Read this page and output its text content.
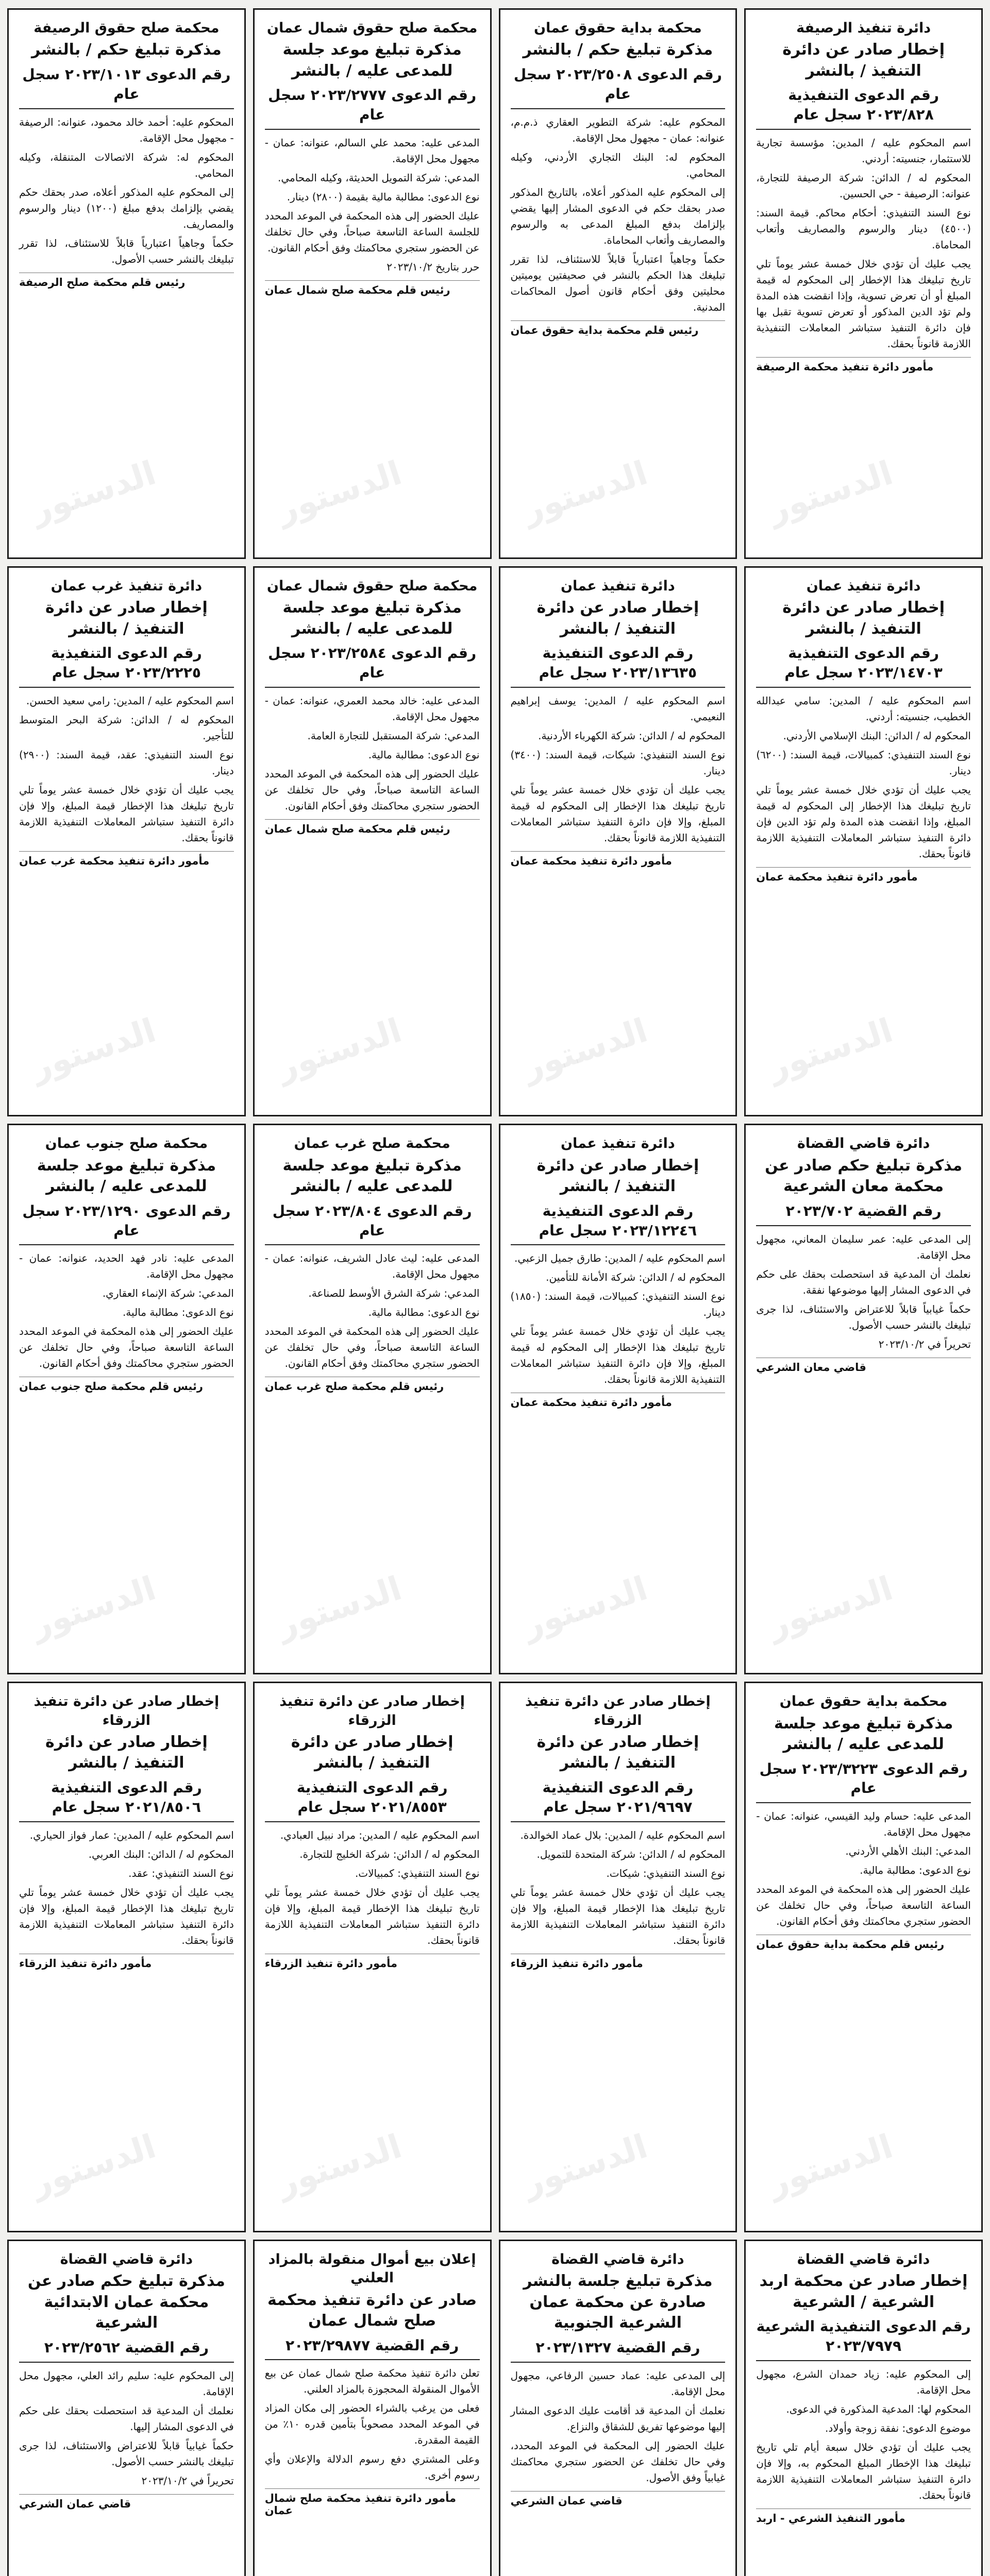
الدستور
دائرة تنفيذ الرصيفة
إخطار صادر عن دائرة التنفيذ / بالنشر
رقم الدعوى التنفيذية ٢٠٢٣/٨٢٨ سجل عام

اسم المحكوم عليه / المدين: مؤسسة تجارية للاستثمار، جنسيته: أردني.

المحكوم له / الدائن: شركة الرصيفة للتجارة، عنوانه: الرصيفة - حي الحسين.

نوع السند التنفيذي: أحكام محاكم. قيمة السند: (٤٥٠٠) دينار والرسوم والمصاريف وأتعاب المحاماة.

يجب عليك أن تؤدي خلال خمسة عشر يوماً تلي تاريخ تبليغك هذا الإخطار إلى المحكوم له قيمة المبلغ أو أن تعرض تسوية، وإذا انقضت هذه المدة ولم تؤد الدين المذكور أو تعرض تسوية تقبل بها فإن دائرة التنفيذ ستباشر المعاملات التنفيذية اللازمة قانوناً بحقك.

مأمور دائرة تنفيذ محكمة الرصيفة
الدستور
محكمة بداية حقوق عمان
مذكرة تبليغ حكم / بالنشر
رقم الدعوى ٢٠٢٣/٢٥٠٨ سجل عام

المحكوم عليه: شركة التطوير العقاري ذ.م.م، عنوانه: عمان - مجهول محل الإقامة.

المحكوم له: البنك التجاري الأردني، وكيله المحامي.

إلى المحكوم عليه المذكور أعلاه، بالتاريخ المذكور صدر بحقك حكم في الدعوى المشار إليها يقضي بإلزامك بدفع المبلغ المدعى به والرسوم والمصاريف وأتعاب المحاماة.

حكماً وجاهياً اعتبارياً قابلاً للاستئناف، لذا تقرر تبليغك هذا الحكم بالنشر في صحيفتين يوميتين محليتين وفق أحكام قانون أصول المحاكمات المدنية.

رئيس قلم محكمة بداية حقوق عمان
الدستور
محكمة صلح حقوق شمال عمان
مذكرة تبليغ موعد جلسة للمدعى عليه / بالنشر
رقم الدعوى ٢٠٢٣/٢٧٧٧ سجل عام

المدعى عليه: محمد علي السالم، عنوانه: عمان - مجهول محل الإقامة.

المدعي: شركة التمويل الحديثة، وكيله المحامي.

نوع الدعوى: مطالبة مالية بقيمة (٢٨٠٠) دينار.

عليك الحضور إلى هذه المحكمة في الموعد المحدد للجلسة الساعة التاسعة صباحاً، وفي حال تخلفك عن الحضور ستجري محاكمتك وفق أحكام القانون.

حرر بتاريخ ٢٠٢٣/١٠/٢

رئيس قلم محكمة صلح شمال عمان
الدستور
محكمة صلح حقوق الرصيفة
مذكرة تبليغ حكم / بالنشر
رقم الدعوى ٢٠٢٣/١٠١٣ سجل عام

المحكوم عليه: أحمد خالد محمود، عنوانه: الرصيفة - مجهول محل الإقامة.

المحكوم له: شركة الاتصالات المتنقلة، وكيله المحامي.

إلى المحكوم عليه المذكور أعلاه، صدر بحقك حكم يقضي بإلزامك بدفع مبلغ (١٢٠٠) دينار والرسوم والمصاريف.

حكماً وجاهياً اعتبارياً قابلاً للاستئناف، لذا تقرر تبليغك بالنشر حسب الأصول.

رئيس قلم محكمة صلح الرصيفة
الدستور
دائرة تنفيذ عمان
إخطار صادر عن دائرة التنفيذ / بالنشر
رقم الدعوى التنفيذية ٢٠٢٣/١٤٧٠٣ سجل عام

اسم المحكوم عليه / المدين: سامي عبدالله الخطيب، جنسيته: أردني.

المحكوم له / الدائن: البنك الإسلامي الأردني.

نوع السند التنفيذي: كمبيالات، قيمة السند: (٦٢٠٠) دينار.

يجب عليك أن تؤدي خلال خمسة عشر يوماً تلي تاريخ تبليغك هذا الإخطار إلى المحكوم له قيمة المبلغ، وإذا انقضت هذه المدة ولم تؤد الدين فإن دائرة التنفيذ ستباشر المعاملات التنفيذية اللازمة قانوناً بحقك.

مأمور دائرة تنفيذ محكمة عمان
الدستور
دائرة تنفيذ عمان
إخطار صادر عن دائرة التنفيذ / بالنشر
رقم الدعوى التنفيذية ٢٠٢٣/١٣٦٣٥ سجل عام

اسم المحكوم عليه / المدين: يوسف إبراهيم النعيمي.

المحكوم له / الدائن: شركة الكهرباء الأردنية.

نوع السند التنفيذي: شيكات، قيمة السند: (٣٤٠٠) دينار.

يجب عليك أن تؤدي خلال خمسة عشر يوماً تلي تاريخ تبليغك هذا الإخطار إلى المحكوم له قيمة المبلغ، وإلا فإن دائرة التنفيذ ستباشر المعاملات التنفيذية اللازمة قانوناً بحقك.

مأمور دائرة تنفيذ محكمة عمان
الدستور
محكمة صلح حقوق شمال عمان
مذكرة تبليغ موعد جلسة للمدعى عليه / بالنشر
رقم الدعوى ٢٠٢٣/٢٥٨٤ سجل عام

المدعى عليه: خالد محمد العمري، عنوانه: عمان - مجهول محل الإقامة.

المدعي: شركة المستقبل للتجارة العامة.

نوع الدعوى: مطالبة مالية.

عليك الحضور إلى هذه المحكمة في الموعد المحدد الساعة التاسعة صباحاً، وفي حال تخلفك عن الحضور ستجري محاكمتك وفق أحكام القانون.

رئيس قلم محكمة صلح شمال عمان
الدستور
دائرة تنفيذ غرب عمان
إخطار صادر عن دائرة التنفيذ / بالنشر
رقم الدعوى التنفيذية ٢٠٢٣/٢٢٢٥ سجل عام

اسم المحكوم عليه / المدين: رامي سعيد الحسن.

المحكوم له / الدائن: شركة البحر المتوسط للتأجير.

نوع السند التنفيذي: عقد، قيمة السند: (٢٩٠٠) دينار.

يجب عليك أن تؤدي خلال خمسة عشر يوماً تلي تاريخ تبليغك هذا الإخطار قيمة المبلغ، وإلا فإن دائرة التنفيذ ستباشر المعاملات التنفيذية اللازمة قانوناً بحقك.

مأمور دائرة تنفيذ محكمة غرب عمان
الدستور
دائرة قاضي القضاة
مذكرة تبليغ حكم صادر عن محكمة معان الشرعية
رقم القضية ٢٠٢٣/٧٠٢

إلى المدعى عليه: عمر سليمان المعاني، مجهول محل الإقامة.

نعلمك أن المدعية قد استحصلت بحقك على حكم في الدعوى المشار إليها موضوعها نفقة.

حكماً غيابياً قابلاً للاعتراض والاستئناف، لذا جرى تبليغك بالنشر حسب الأصول.

تحريراً في ٢٠٢٣/١٠/٢

قاضي معان الشرعي
الدستور
دائرة تنفيذ عمان
إخطار صادر عن دائرة التنفيذ / بالنشر
رقم الدعوى التنفيذية ٢٠٢٣/١٢٢٤٦ سجل عام

اسم المحكوم عليه / المدين: طارق جميل الزعبي.

المحكوم له / الدائن: شركة الأمانة للتأمين.

نوع السند التنفيذي: كمبيالات، قيمة السند: (١٨٥٠) دينار.

يجب عليك أن تؤدي خلال خمسة عشر يوماً تلي تاريخ تبليغك هذا الإخطار إلى المحكوم له قيمة المبلغ، وإلا فإن دائرة التنفيذ ستباشر المعاملات التنفيذية اللازمة قانوناً بحقك.

مأمور دائرة تنفيذ محكمة عمان
الدستور
محكمة صلح غرب عمان
مذكرة تبليغ موعد جلسة للمدعى عليه / بالنشر
رقم الدعوى ٢٠٢٣/٨٠٤ سجل عام

المدعى عليه: ليث عادل الشريف، عنوانه: عمان - مجهول محل الإقامة.

المدعي: شركة الشرق الأوسط للصناعة.

نوع الدعوى: مطالبة مالية.

عليك الحضور إلى هذه المحكمة في الموعد المحدد الساعة التاسعة صباحاً، وفي حال تخلفك عن الحضور ستجري محاكمتك وفق أحكام القانون.

رئيس قلم محكمة صلح غرب عمان
الدستور
محكمة صلح جنوب عمان
مذكرة تبليغ موعد جلسة للمدعى عليه / بالنشر
رقم الدعوى ٢٠٢٣/١٢٩٠ سجل عام

المدعى عليه: نادر فهد الحديد، عنوانه: عمان - مجهول محل الإقامة.

المدعي: شركة الإنماء العقاري.

نوع الدعوى: مطالبة مالية.

عليك الحضور إلى هذه المحكمة في الموعد المحدد الساعة التاسعة صباحاً، وفي حال تخلفك عن الحضور ستجري محاكمتك وفق أحكام القانون.

رئيس قلم محكمة صلح جنوب عمان
الدستور
محكمة بداية حقوق عمان
مذكرة تبليغ موعد جلسة للمدعى عليه / بالنشر
رقم الدعوى ٢٠٢٣/٣٢٢٣ سجل عام

المدعى عليه: حسام وليد القيسي، عنوانه: عمان - مجهول محل الإقامة.

المدعي: البنك الأهلي الأردني.

نوع الدعوى: مطالبة مالية.

عليك الحضور إلى هذه المحكمة في الموعد المحدد الساعة التاسعة صباحاً، وفي حال تخلفك عن الحضور ستجري محاكمتك وفق أحكام القانون.

رئيس قلم محكمة بداية حقوق عمان
الدستور
إخطار صادر عن دائرة تنفيذ الزرقاء
إخطار صادر عن دائرة التنفيذ / بالنشر
رقم الدعوى التنفيذية ٢٠٢١/٩٦٩٧ سجل عام

اسم المحكوم عليه / المدين: بلال عماد الخوالدة.

المحكوم له / الدائن: شركة المتحدة للتمويل.

نوع السند التنفيذي: شيكات.

يجب عليك أن تؤدي خلال خمسة عشر يوماً تلي تاريخ تبليغك هذا الإخطار قيمة المبلغ، وإلا فإن دائرة التنفيذ ستباشر المعاملات التنفيذية اللازمة قانوناً بحقك.

مأمور دائرة تنفيذ الزرقاء
الدستور
إخطار صادر عن دائرة تنفيذ الزرقاء
إخطار صادر عن دائرة التنفيذ / بالنشر
رقم الدعوى التنفيذية ٢٠٢١/٨٥٥٣ سجل عام

اسم المحكوم عليه / المدين: مراد نبيل العبادي.

المحكوم له / الدائن: شركة الخليج للتجارة.

نوع السند التنفيذي: كمبيالات.

يجب عليك أن تؤدي خلال خمسة عشر يوماً تلي تاريخ تبليغك هذا الإخطار قيمة المبلغ، وإلا فإن دائرة التنفيذ ستباشر المعاملات التنفيذية اللازمة قانوناً بحقك.

مأمور دائرة تنفيذ الزرقاء
الدستور
إخطار صادر عن دائرة تنفيذ الزرقاء
إخطار صادر عن دائرة التنفيذ / بالنشر
رقم الدعوى التنفيذية ٢٠٢١/٨٥٠٦ سجل عام

اسم المحكوم عليه / المدين: عمار فواز الحياري.

المحكوم له / الدائن: البنك العربي.

نوع السند التنفيذي: عقد.

يجب عليك أن تؤدي خلال خمسة عشر يوماً تلي تاريخ تبليغك هذا الإخطار قيمة المبلغ، وإلا فإن دائرة التنفيذ ستباشر المعاملات التنفيذية اللازمة قانوناً بحقك.

مأمور دائرة تنفيذ الزرقاء
دائرة قاضي القضاة
إخطار صادر عن محكمة اربد الشرعية / الشرعية
رقم الدعوى التنفيذية الشرعية ٢٠٢٣/٧٩٧٩

إلى المحكوم عليه: زياد حمدان الشرع، مجهول محل الإقامة.

المحكوم لها: المدعية المذكورة في الدعوى.

موضوع الدعوى: نفقة زوجة وأولاد.

يجب عليك أن تؤدي خلال سبعة أيام تلي تاريخ تبليغك هذا الإخطار المبلغ المحكوم به، وإلا فإن دائرة التنفيذ ستباشر المعاملات التنفيذية اللازمة قانوناً بحقك.

مأمور التنفيذ الشرعي - اربد
دائرة قاضي القضاة
مذكرة تبليغ جلسة بالنشر صادرة عن محكمة عمان الشرعية الجنوبية
رقم القضية ٢٠٢٣/١٣٢٧

إلى المدعى عليه: عماد حسين الرفاعي، مجهول محل الإقامة.

نعلمك أن المدعية قد أقامت عليك الدعوى المشار إليها موضوعها تفريق للشقاق والنزاع.

عليك الحضور إلى المحكمة في الموعد المحدد، وفي حال تخلفك عن الحضور ستجري محاكمتك غيابياً وفق الأصول.

قاضي عمان الشرعي
إعلان بيع أموال منقولة بالمزاد العلني
صادر عن دائرة تنفيذ محكمة صلح شمال عمان
رقم القضية ٢٠٢٣/٢٩٨٧٧

تعلن دائرة تنفيذ محكمة صلح شمال عمان عن بيع الأموال المنقولة المحجوزة بالمزاد العلني.

فعلى من يرغب بالشراء الحضور إلى مكان المزاد في الموعد المحدد مصحوباً بتأمين قدره ١٠٪ من القيمة المقدرة.

وعلى المشتري دفع رسوم الدلالة والإعلان وأي رسوم أخرى.

مأمور دائرة تنفيذ محكمة صلح شمال عمان
دائرة قاضي القضاة
مذكرة تبليغ حكم صادر عن محكمة عمان الابتدائية الشرعية
رقم القضية ٢٠٢٣/٢٥٦٢

إلى المحكوم عليه: سليم رائد العلي، مجهول محل الإقامة.

نعلمك أن المدعية قد استحصلت بحقك على حكم في الدعوى المشار إليها.

حكماً غيابياً قابلاً للاعتراض والاستئناف، لذا جرى تبليغك بالنشر حسب الأصول.

تحريراً في ٢٠٢٣/١٠/٢

قاضي عمان الشرعي
